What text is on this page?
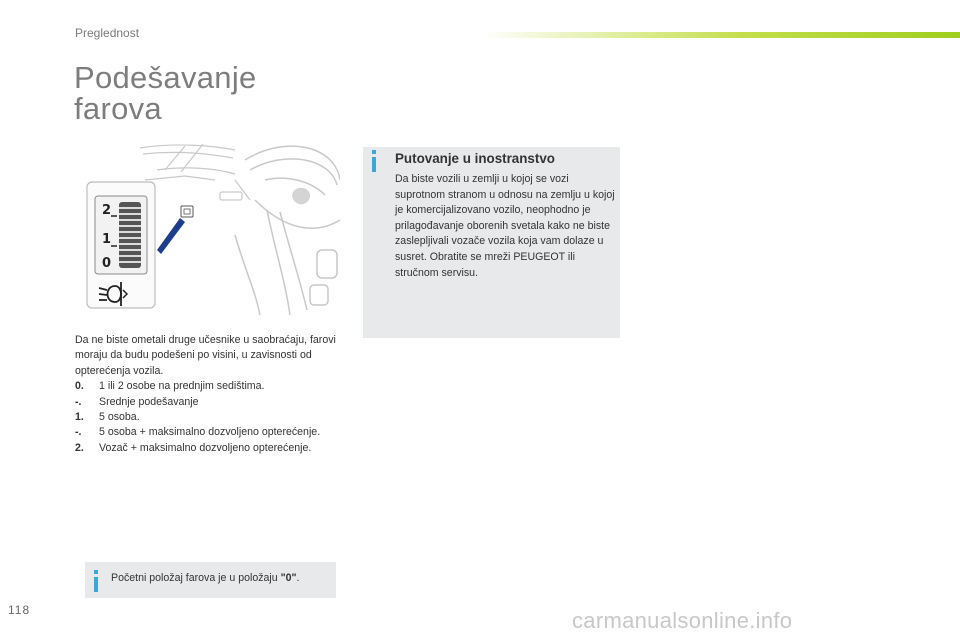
Preglednost
Podešavanje
farova
2
1
0
Da ne biste ometali druge učesnike u saobraćaju, farovi moraju da budu podešeni po visini, u zavisnosti od opterećenja vozila.
0.	1 ili 2 osobe na prednjim sedištima.
-.	Srednje podešavanje
1.	5 osoba.
-.	5 osoba + maksimalno dozvoljeno opterećenje.
2.	Vozač + maksimalno dozvoljeno opterećenje.
Početni položaj farova je u položaju "0".
Putovanje u inostranstvo
Da biste vozili u zemlji u kojoj se vozi suprotnom stranom u odnosu na zemlju u kojoj je komercijalizovano vozilo, neophodno je prilagođavanje oborenih svetala kako ne biste zaslepljivali vozače vozila koja vam dolaze u susret. Obratite se mreži PEUGEOT ili stručnom servisu.
118	carmanualsonline.info
